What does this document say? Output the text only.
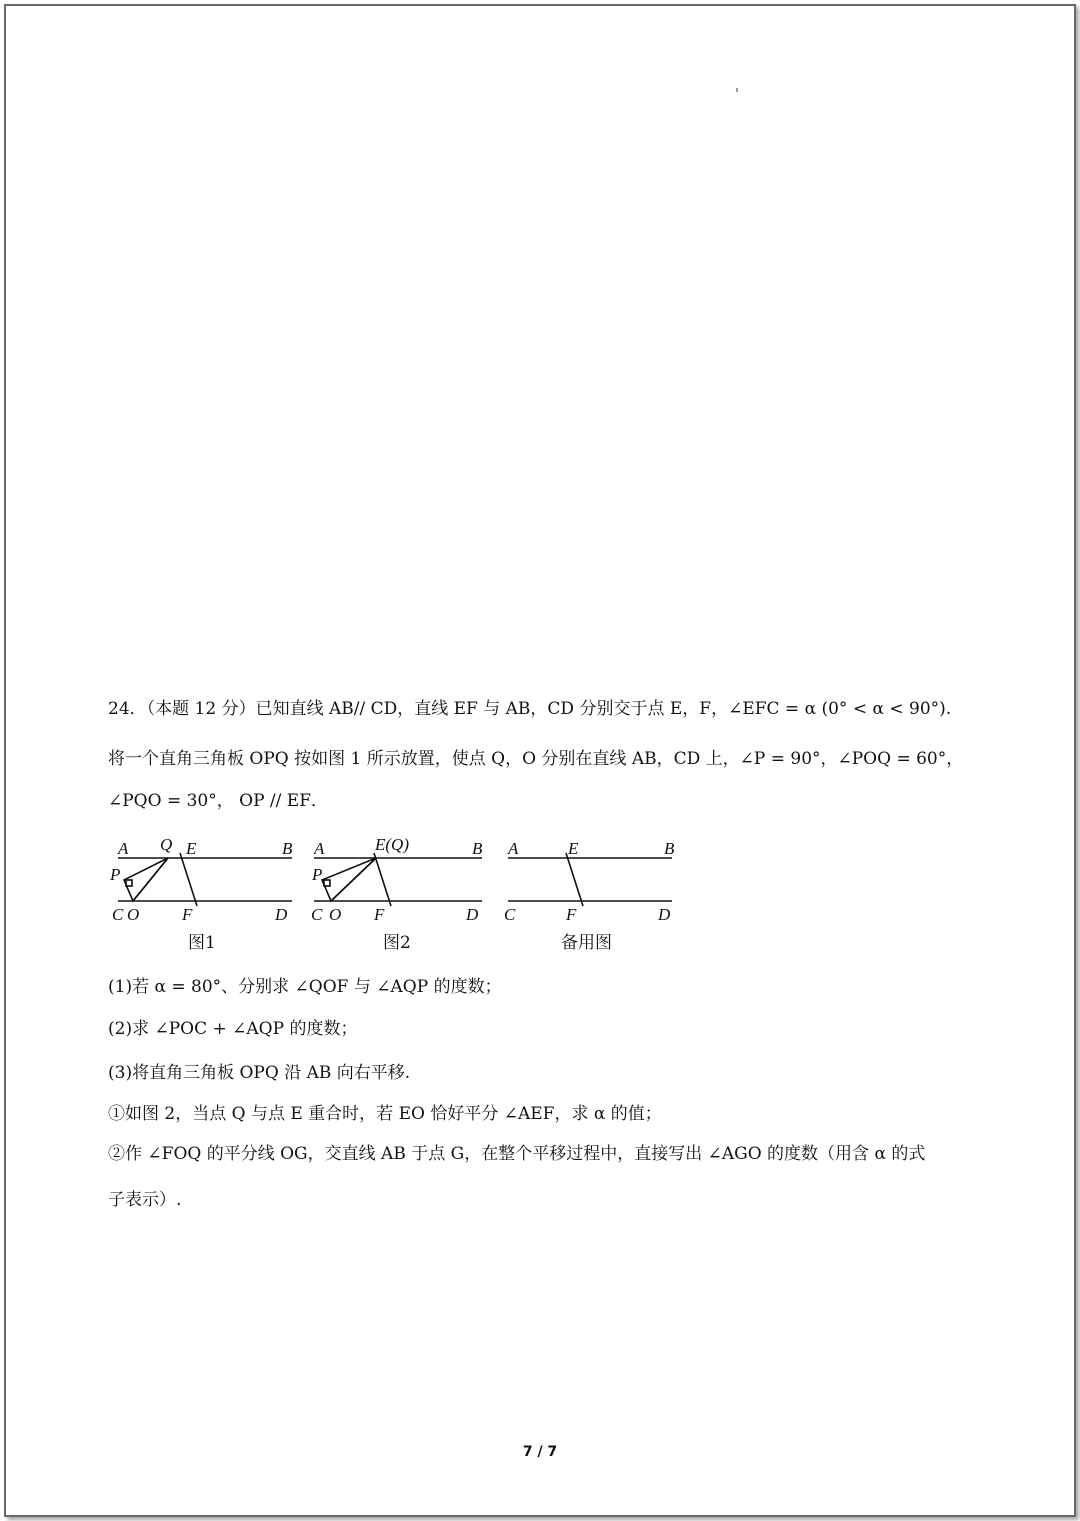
24．（本题 12 分）已知直线 AB// CD，直线 EF 与 AB，CD 分别交于点 E，F，∠EFC = α (0° < α < 90°).
将一个直角三角板 OPQ 按如图 1 所示放置，使点 Q，O 分别在直线 AB，CD 上，∠P = 90°，∠POQ = 60°，
∠PQO = 30°， OP // EF．
A Q E	B
P
C O	F	D
图1
A	E(Q)	B
P
C O F	D
图2
A	E	B
C	F	D
备用图
(1)若 α = 80°、分别求 ∠QOF 与 ∠AQP 的度数；
(2)求 ∠POC + ∠AQP 的度数；
(3)将直角三角板 OPQ 沿 AB 向右平移.
①如图 2，当点 Q 与点 E 重合时，若 EO 恰好平分 ∠AEF，求 α 的值；
②作 ∠FOQ 的平分线 OG，交直线 AB 于点 G，在整个平移过程中，直接写出 ∠AGO 的度数（用含 α 的式
子表示）.
7 / 7
